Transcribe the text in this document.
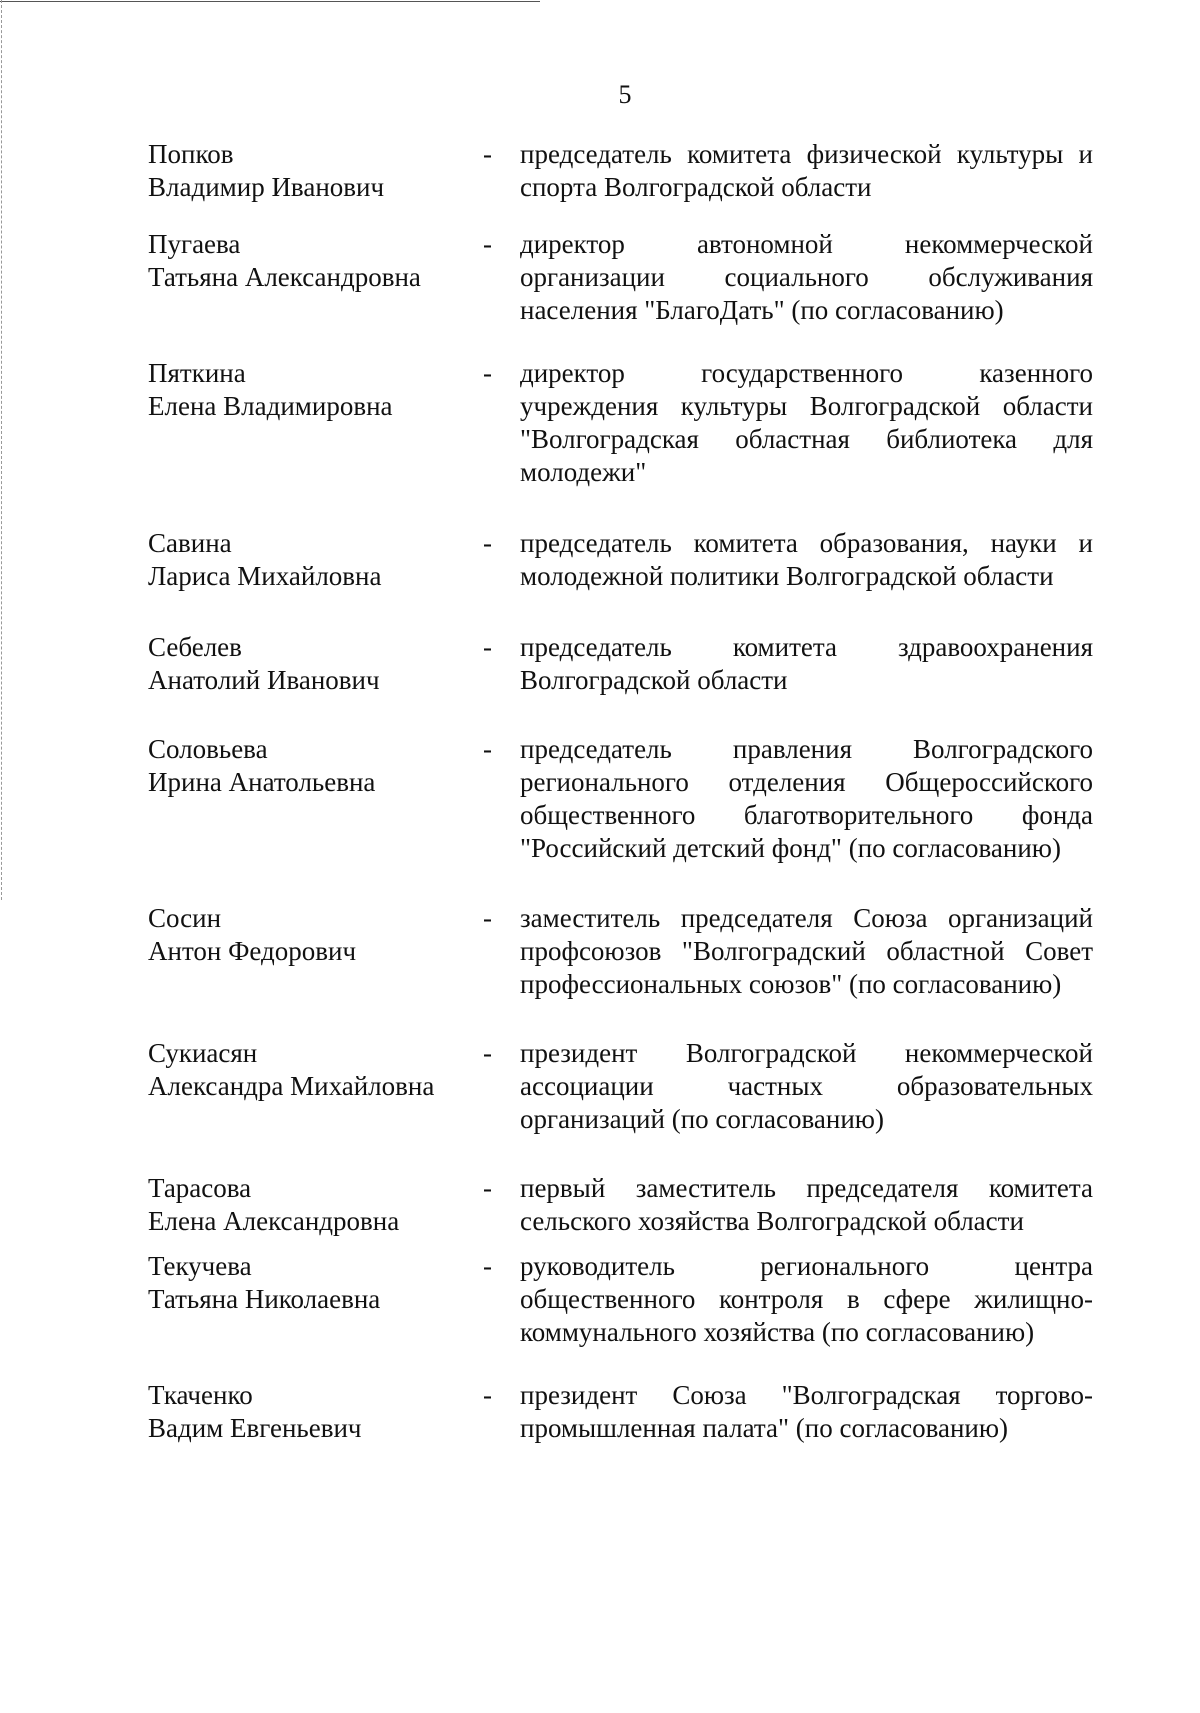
5
Попков
Владимир Иванович
-	председатель комитета физической культуры и спорта Волгоградской области
Пугаева
Татьяна Александровна
-	директор автономной некоммерческой организации социального обслуживания населения "БлагоДать" (по согласованию)
Пяткина
Елена Владимировна
-	директор государственного казенного учреждения культуры Волгоградской области "Волгоградская областная библиотека для молодежи"
Савина
Лариса Михайловна
-	председатель комитета образования, науки и молодежной политики Волгоградской области
Себелев
Анатолий Иванович
-	председатель комитета здравоохранения Волгоградской области
Соловьева
Ирина Анатольевна
-	председатель правления Волгоградского регионального отделения Общероссийского общественного благотворительного фонда "Российский детский фонд" (по согласованию)
Сосин
Антон Федорович
-	заместитель председателя Союза организаций профсоюзов "Волгоградский областной Совет профессиональных союзов" (по согласованию)
Сукиасян
Александра Михайловна
-	президент Волгоградской некоммерческой ассоциации частных образовательных организаций (по согласованию)
Тарасова
Елена Александровна
-	первый заместитель председателя комитета сельского хозяйства Волгоградской области
Текучева
Татьяна Николаевна
-	руководитель регионального центра общественного контроля в сфере жилищно-коммунального хозяйства (по согласованию)
Ткаченко
Вадим Евгеньевич
-	президент Союза "Волгоградская торгово-промышленная палата" (по согласованию)
